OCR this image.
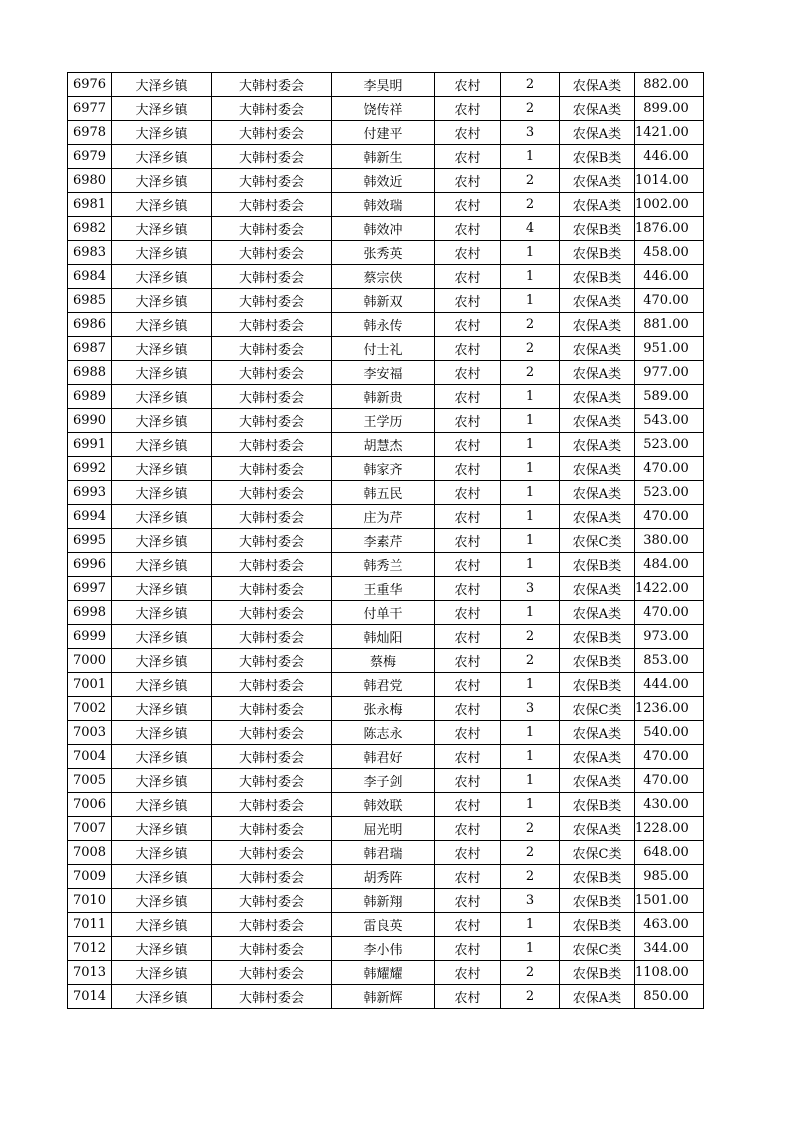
6976	大泽乡镇	大韩村委会	李昊明	农村	2	农保A类	882.00
6977	大泽乡镇	大韩村委会	饶传祥	农村	2	农保A类	899.00
6978	大泽乡镇	大韩村委会	付建平	农村	3	农保A类	1421.00
6979	大泽乡镇	大韩村委会	韩新生	农村	1	农保B类	446.00
6980	大泽乡镇	大韩村委会	韩效近	农村	2	农保A类	1014.00
6981	大泽乡镇	大韩村委会	韩效瑞	农村	2	农保A类	1002.00
6982	大泽乡镇	大韩村委会	韩效冲	农村	4	农保B类	1876.00
6983	大泽乡镇	大韩村委会	张秀英	农村	1	农保B类	458.00
6984	大泽乡镇	大韩村委会	蔡宗侠	农村	1	农保B类	446.00
6985	大泽乡镇	大韩村委会	韩新双	农村	1	农保A类	470.00
6986	大泽乡镇	大韩村委会	韩永传	农村	2	农保A类	881.00
6987	大泽乡镇	大韩村委会	付士礼	农村	2	农保A类	951.00
6988	大泽乡镇	大韩村委会	李安福	农村	2	农保A类	977.00
6989	大泽乡镇	大韩村委会	韩新贵	农村	1	农保A类	589.00
6990	大泽乡镇	大韩村委会	王学历	农村	1	农保A类	543.00
6991	大泽乡镇	大韩村委会	胡慧杰	农村	1	农保A类	523.00
6992	大泽乡镇	大韩村委会	韩家齐	农村	1	农保A类	470.00
6993	大泽乡镇	大韩村委会	韩五民	农村	1	农保A类	523.00
6994	大泽乡镇	大韩村委会	庄为芹	农村	1	农保A类	470.00
6995	大泽乡镇	大韩村委会	李素芹	农村	1	农保C类	380.00
6996	大泽乡镇	大韩村委会	韩秀兰	农村	1	农保B类	484.00
6997	大泽乡镇	大韩村委会	王重华	农村	3	农保A类	1422.00
6998	大泽乡镇	大韩村委会	付单干	农村	1	农保A类	470.00
6999	大泽乡镇	大韩村委会	韩灿阳	农村	2	农保B类	973.00
7000	大泽乡镇	大韩村委会	蔡梅	农村	2	农保B类	853.00
7001	大泽乡镇	大韩村委会	韩君党	农村	1	农保B类	444.00
7002	大泽乡镇	大韩村委会	张永梅	农村	3	农保C类	1236.00
7003	大泽乡镇	大韩村委会	陈志永	农村	1	农保A类	540.00
7004	大泽乡镇	大韩村委会	韩君好	农村	1	农保A类	470.00
7005	大泽乡镇	大韩村委会	李子剑	农村	1	农保A类	470.00
7006	大泽乡镇	大韩村委会	韩效联	农村	1	农保B类	430.00
7007	大泽乡镇	大韩村委会	屈光明	农村	2	农保A类	1228.00
7008	大泽乡镇	大韩村委会	韩君瑞	农村	2	农保C类	648.00
7009	大泽乡镇	大韩村委会	胡秀阵	农村	2	农保B类	985.00
7010	大泽乡镇	大韩村委会	韩新翔	农村	3	农保B类	1501.00
7011	大泽乡镇	大韩村委会	雷良英	农村	1	农保B类	463.00
7012	大泽乡镇	大韩村委会	李小伟	农村	1	农保C类	344.00
7013	大泽乡镇	大韩村委会	韩耀耀	农村	2	农保B类	1108.00
7014	大泽乡镇	大韩村委会	韩新辉	农村	2	农保A类	850.00
